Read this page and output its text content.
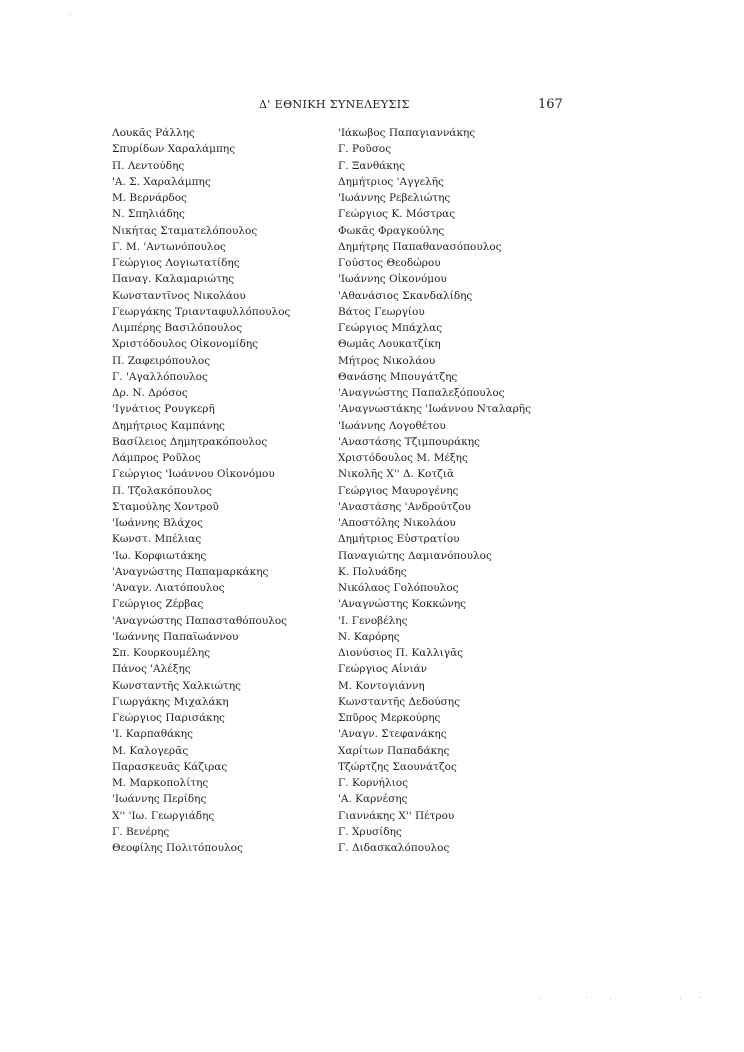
Δ' ΕΘΝΙΚΗ ΣΥΝΕΛΕΥΣΙΣ	167
Λουκᾶς Ράλλης
Σπυρίδων Χαραλάμπης
Π. Λεντούδης
'Α. Σ. Χαραλάμπης
Μ. Βερνάρδος
Ν. Σπηλιάδης
Νικήτας Σταματελόπουλος
Γ. Μ. 'Αντωνόπουλος
Γεώργιος Λογιωτατίδης
Παναγ. Καλαμαριώτης
Κωνσταντῖνος Νικολάου
Γεωργάκης Τριανταφυλλόπουλος
Λιμπέρης Βασιλόπουλος
Χριστόδουλος Οἰκονομίδης
Π. Ζαφειρόπουλος
Γ. 'Αγαλλόπουλος
Δρ. Ν. Δρόσος
'Ιγνάτιος Ρουγκερῆ
Δημήτριος Καμπάνης
Βασίλειος Δημητρακόπουλος
Λάμπρος Ροῦλος
Γεώργιος 'Ιωάννου Οἰκονόμου
Π. Τζολακόπουλος
Σταμούλης Χοντροῦ
'Ιωάννης Βλάχος
Κωνστ. Μπέλιας
'Ιω. Κορφιωτάκης
'Αναγνώστης Παπαμαρκάκης
'Αναγν. Λιατόπουλος
Γεώργιος Ζέρβας
'Αναγνώστης Παπασταθόπουλος
'Ιωάννης Παπαϊωάννου
Σπ. Κουρκουμέλης
Πάνος 'Αλέξης
Κωνσταντῆς Χαλκιώτης
Γιωργάκης Μιχαλάκη
Γεώργιος Παρισάκης
'Ι. Καρπαθάκης
Μ. Καλογερᾶς
Παρασκευᾶς Κάζιρας
Μ. Μαρκοπολίτης
'Ιωάννης Περίδης
Χ'' 'Ιω. Γεωργιάδης
Γ. Βενέρης
Θεοφίλης Πολιτόπουλος
'Ιάκωβος Παπαγιαννάκης
Γ. Ροῦσος
Γ. Ξανθάκης
Δημήτριος 'Αγγελῆς
'Ιωάννης Ρεβελιώτης
Γεώργιος Κ. Μόστρας
Φωκᾶς Φραγκούλης
Δημήτρης Παπαθανασόπουλος
Γούστος Θεοδώρου
'Ιωάννης Οἰκονόμου
'Αθανάσιος Σκανδαλίδης
Βάτος Γεωργίου
Γεώργιος Μπάχλας
Θωμᾶς Λουκατζίκη
Μήτρος Νικολάου
Θανάσης Μπουγάτζης
'Αναγνώστης Παπαλεξόπουλος
'Αναγνωστάκης 'Ιωάννου Νταλαρῆς
'Ιωάννης Λογοθέτου
'Αναστάσης Τζιμπουράκης
Χριστόδουλος Μ. Μέξης
Νικολῆς Χ'' Δ. Κοτζιᾶ
Γεώργιος Μαυρογένης
'Αναστάσης 'Ανδρούτζου
'Αποστόλης Νικολάου
Δημήτριος Εὐστρατίου
Παναγιώτης Δαμιανόπουλος
Κ. Πολυάδης
Νικόλαος Γολόπουλος
'Αναγνώστης Κοκκώνης
'Ι. Γενοβέλης
Ν. Καρόρης
Διονύσιος Π. Καλλιγᾶς
Γεώργιος Αἰνιάν
Μ. Κοντογιάννη
Κωνσταντῆς Δεδούσης
Σπῦρος Μερκούρης
'Αναγν. Στεφανάκης
Χαρίτων Παπαδάκης
Τζώρτζης Σαουνάτζος
Γ. Κορνήλιος
'Α. Καρνέσης
Γιαννάκης Χ'' Πέτρου
Γ. Χρυσίδης
Γ. Διδασκαλόπουλος
